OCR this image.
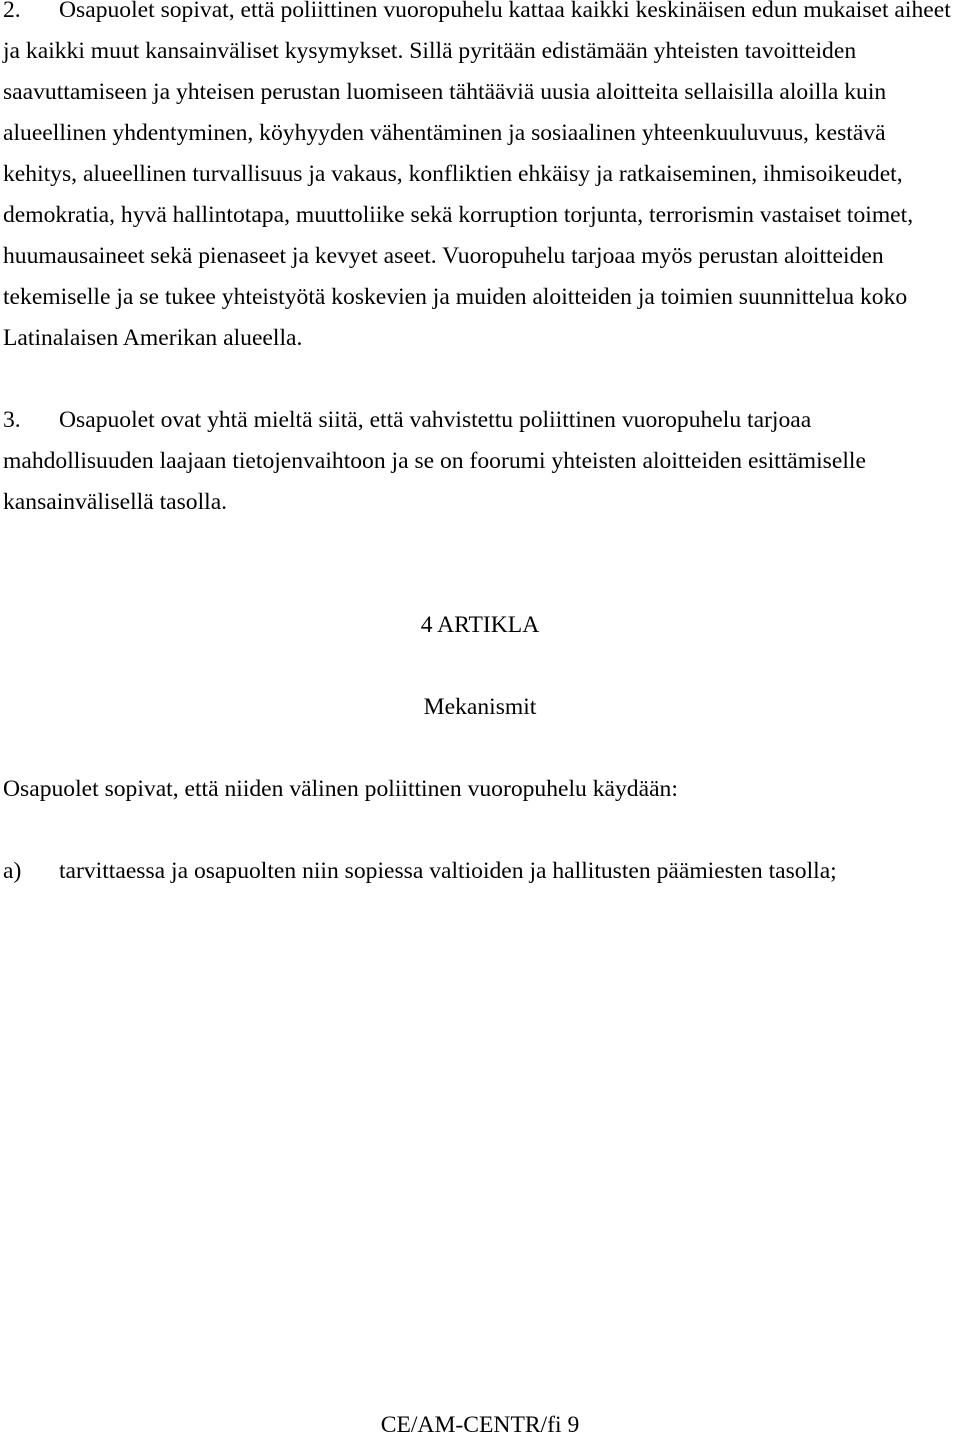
2. Osapuolet sopivat, että poliittinen vuoropuhelu kattaa kaikki keskinäisen edun mukaiset aiheet
ja kaikki muut kansainväliset kysymykset. Sillä pyritään edistämään yhteisten tavoitteiden
saavuttamiseen ja yhteisen perustan luomiseen tähtääviä uusia aloitteita sellaisilla aloilla kuin
alueellinen yhdentyminen, köyhyyden vähentäminen ja sosiaalinen yhteenkuuluvuus, kestävä
kehitys, alueellinen turvallisuus ja vakaus, konfliktien ehkäisy ja ratkaiseminen, ihmisoikeudet,
demokratia, hyvä hallintotapa, muuttoliike sekä korruption torjunta, terrorismin vastaiset toimet,
huumausaineet sekä pienaseet ja kevyet aseet. Vuoropuhelu tarjoaa myös perustan aloitteiden
tekemiselle ja se tukee yhteistyötä koskevien ja muiden aloitteiden ja toimien suunnittelua koko
Latinalaisen Amerikan alueella.
3. Osapuolet ovat yhtä mieltä siitä, että vahvistettu poliittinen vuoropuhelu tarjoaa
mahdollisuuden laajaan tietojenvaihtoon ja se on foorumi yhteisten aloitteiden esittämiselle
kansainvälisellä tasolla.
4 ARTIKLA
Mekanismit
Osapuolet sopivat, että niiden välinen poliittinen vuoropuhelu käydään:
a) tarvittaessa ja osapuolten niin sopiessa valtioiden ja hallitusten päämiesten tasolla;
CE/AM-CENTR/fi 9
